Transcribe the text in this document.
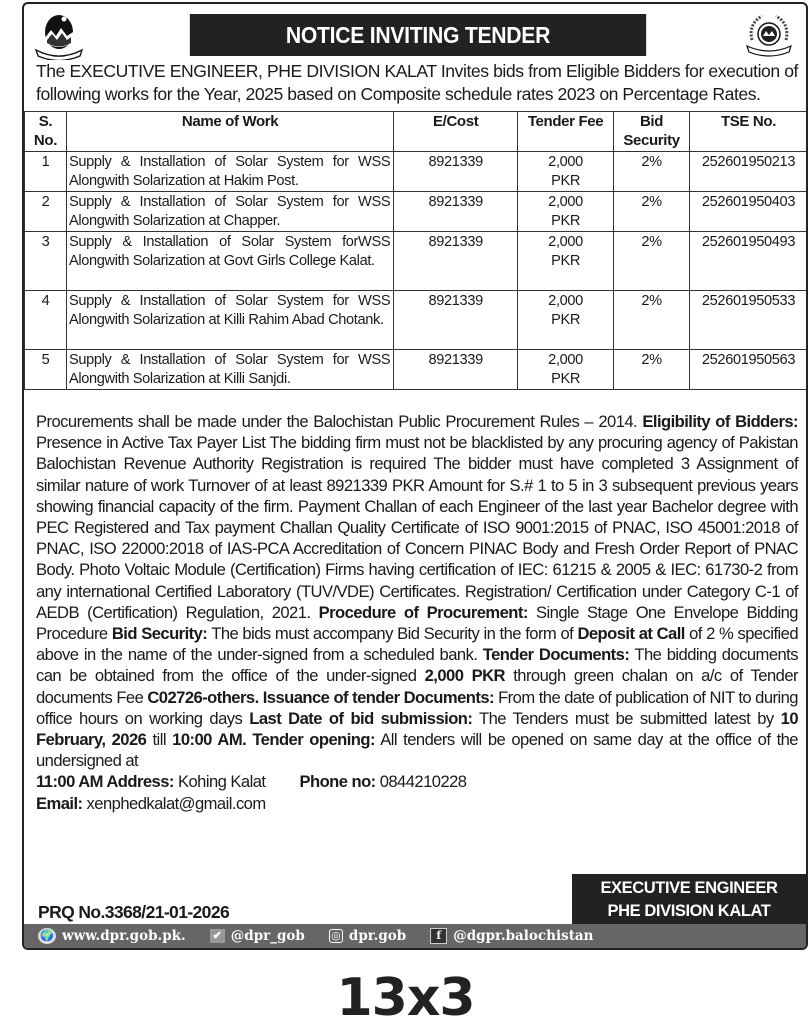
~~~~~
NOTICE INVITING TENDER
The EXECUTIVE ENGINEER, PHE DIVISION KALAT Invites bids from Eligible Bidders for execution of following works for the Year, 2025 based on Composite schedule rates 2023 on Percentage Rates.
S. No.	Name of Work	E/Cost	Tender Fee	Bid Security	TSE No.
1	Supply & Installation of Solar System for WSS Alongwith Solarization at Hakim Post.	8921339	2,000 PKR	2%	252601950213
2	Supply & Installation of Solar System for WSS Alongwith Solarization at Chapper.	8921339	2,000 PKR	2%	252601950403
3	Supply & Installation of Solar System forWSS Alongwith Solarization at Govt Girls College Kalat.	8921339	2,000 PKR	2%	252601950493
4	Supply & Installation of Solar System for WSS Alongwith Solarization at Killi Rahim Abad Chotank.	8921339	2,000 PKR	2%	252601950533
5	Supply & Installation of Solar System for WSS Alongwith Solarization at Killi Sanjdi.	8921339	2,000 PKR	2%	252601950563
Procurements shall be made under the Balochistan Public Procurement Rules – 2014. Eligibility of Bidders: Presence in Active Tax Payer List The bidding firm must not be blacklisted by any procuring agency of Pakistan Balochistan Revenue Authority Registration is required The bidder must have completed 3 Assignment of similar nature of work Turnover of at least 8921339 PKR Amount for S.# 1 to 5 in 3 subsequent previous years showing financial capacity of the firm. Payment Challan of each Engineer of the last year Bachelor degree with PEC Registered and Tax payment Challan Quality Certificate of ISO 9001:2015 of PNAC, ISO 45001:2018 of PNAC, ISO 22000:2018 of IAS-PCA Accreditation of Concern PINAC Body and Fresh Order Report of PNAC Body. Photo Voltaic Module (Certification) Firms having certification of IEC: 61215 & 2005 & IEC: 61730-2 from any international Certified Laboratory (TUV/VDE) Certificates. Registration/ Certification under Category C-1 of AEDB (Certification) Regulation, 2021. Procedure of Procurement: Single Stage One Envelope Bidding Procedure Bid Security: The bids must accompany Bid Security in the form of Deposit at Call of 2 % specified above in the name of the under-signed from a scheduled bank. Tender Documents: The bidding documents can be obtained from the office of the under-signed 2,000 PKR through green chalan on a/c of Tender documents Fee C02726-others. Issuance of tender Documents: From the date of publication of NIT to during office hours on working days Last Date of bid submission: The Tenders must be submitted latest by 10 February, 2026 till 10:00 AM. Tender opening: All tenders will be opened on same day at the office of the undersigned at
11:00 AM Address: Kohing Kalat Phone no: 0844210228
Email: xenphedkalat@gmail.com
PRQ No.3368/21-01-2026
EXECUTIVE ENGINEER
PHE DIVISION KALAT
🌍 www.dpr.gob.pk. ✔ @dpr_gob ◎ dpr.gob	f @dgpr.balochistan
13x3
